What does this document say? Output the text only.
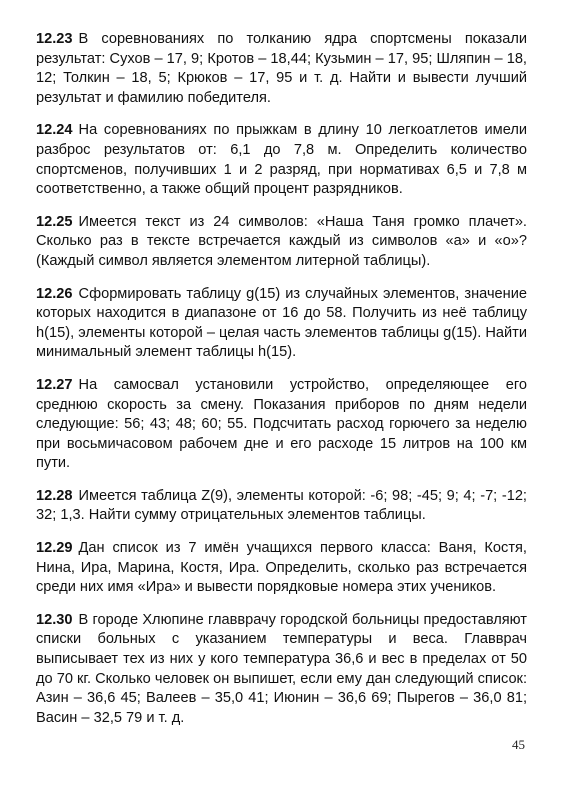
12.23 В соревнованиях по толканию ядра спортсмены показали результат: Сухов – 17, 9; Кротов – 18,44; Кузьмин – 17, 95; Шляпин – 18, 12; Толкин – 18, 5; Крюков – 17, 95 и т. д. Найти и вывести лучший результат и фамилию победителя.

12.24 На соревнованиях по прыжкам в длину 10 легкоатлетов имели разброс результатов от: 6,1 до 7,8 м. Определить количество спортсменов, получивших 1 и 2 разряд, при нормативах 6,5 и 7,8 м соответственно, а также общий процент разрядников.

12.25 Имеется текст из 24 символов: «Наша Таня громко плачет». Сколько раз в тексте встречается каждый из символов «а» и «о»? (Каждый символ является элементом литерной таблицы).

12.26 Сформировать таблицу g(15) из случайных элементов, значение которых находится в диапазоне от 16 до 58. Получить из неё таблицу h(15), элементы которой – целая часть элементов таблицы g(15). Найти минимальный элемент таблицы h(15).

12.27 На самосвал установили устройство, определяющее его среднюю скорость за смену. Показания приборов по дням недели следующие: 56; 43; 48; 60; 55. Подсчитать расход горючего за неделю при восьмичасовом рабочем дне и его расходе 15 литров на 100 км пути.

12.28 Имеется таблица Z(9), элементы которой: -6; 98; -45; 9; 4; -7; -12; 32; 1,3. Найти сумму отрицательных элементов таблицы.

12.29 Дан список из 7 имён учащихся первого класса: Ваня, Костя, Нина, Ира, Марина, Костя, Ира. Определить, сколько раз встречается среди них имя «Ира» и вывести порядковые номера этих учеников.

12.30 В городе Хлюпине главврачу городской больницы предоставляют списки больных с указанием температуры и веса. Главврач выписывает тех из них у кого температура 36,6 и вес в пределах от 50 до 70 кг. Сколько человек он выпишет, если ему дан следующий список: Азин – 36,6 45; Валеев – 35,0 41; Июнин – 36,6 69; Пырегов – 36,0 81; Васин – 32,5 79 и т. д.

45
